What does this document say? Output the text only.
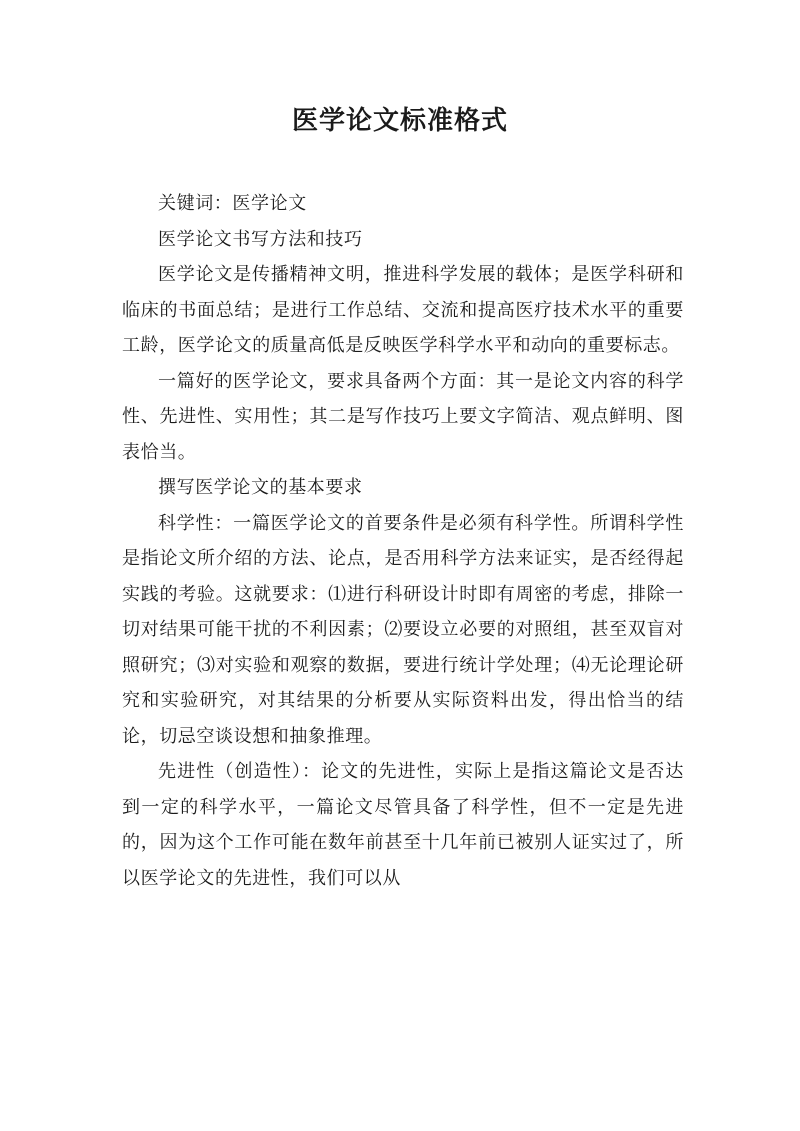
医学论文标准格式

关键词：医学论文

医学论文书写方法和技巧

医学论文是传播精神文明，推进科学发展的载体；是医学科研和临床的书面总结；是进行工作总结、交流和提高医疗技术水平的重要工龄，医学论文的质量高低是反映医学科学水平和动向的重要标志。

一篇好的医学论文，要求具备两个方面：其一是论文内容的科学性、先进性、实用性；其二是写作技巧上要文字简洁、观点鲜明、图表恰当。

撰写医学论文的基本要求

科学性：一篇医学论文的首要条件是必须有科学性。所谓科学性是指论文所介绍的方法、论点，是否用科学方法来证实，是否经得起实践的考验。这就要求：⑴进行科研设计时即有周密的考虑，排除一切对结果可能干扰的不利因素；⑵要设立必要的对照组，甚至双盲对照研究；⑶对实验和观察的数据，要进行统计学处理；⑷无论理论研究和实验研究，对其结果的分析要从实际资料出发，得出恰当的结论，切忌空谈设想和抽象推理。

先进性（创造性）：论文的先进性，实际上是指这篇论文是否达到一定的科学水平，一篇论文尽管具备了科学性，但不一定是先进的，因为这个工作可能在数年前甚至十几年前已被别人证实过了，所以医学论文的先进性，我们可以从
